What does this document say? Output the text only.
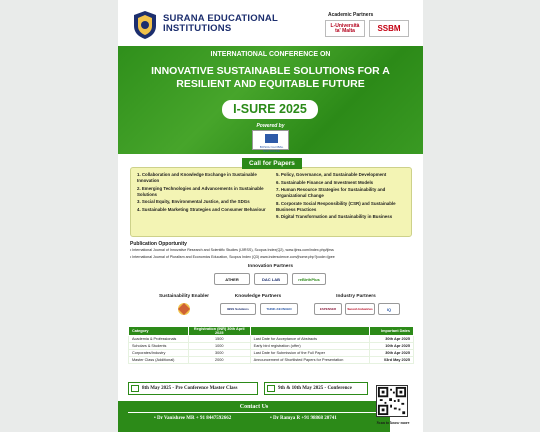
SURANA EDUCATIONAL
INSTITUTIONS
Academic Partners
L-Università
ta' Malta	SSBM
INTERNATIONAL CONFERENCE ON
INNOVATIVE SUSTAINABLE SOLUTIONS FOR A
RESILIENT AND EQUITABLE FUTURE
I-SURE 2025
Powered by
BOSCH GLOBAL SOFTWARE
1. Collaboration and Knowledge Exchange in Sustainable Innovation
2. Emerging Technologies and Advancements in Sustainable Solutions
3. Social Equity, Environmental Justice, and the SDGs
4. Sustainable Marketing Strategies and Consumer Behaviour
5. Policy, Governance, and Sustainable Development
6. Sustainable Finance and Investment Models
7. Human Resource Strategies for Sustainability and Organizational Change
8. Corporate Social Responsibility (CSR) and Sustainable Business Practices
9. Digital Transformation and Sustainability in Business
Call for Papers
Publication Opportunity
• International Journal of Innovative Research and Scientific Studies (IJIRSS), Scopus Index(Q2), www.ijirss.com/index.php/ijirss
• International Journal of Pluralism and Economics Education, Scopus Index (Q3) www.inderscience.com/jhome.php?jcode=ijpee
Innovation Partners
ATHER	DAC LAB	reBirthPlus
Sustainability Enabler	Knowledge Partners
IBSS Solutions	THINK-KEUNGEN
Industry Partners
ESPENSER	Suresh Industries	IQ
Category	Registration (INR) 30th April 2025		Important Dates
Academia & Professionals	1500	Last Date for Acceptance of Abstracts	30th Apr 2025
Scholars & Students	1000	Early bird registration (offer)	10th Apr 2025
Corporates/Industry	3000	Last Date for Submission of the Full Paper	30th Apr 2025
Master Class (Additional)	2000	Announcement of Shortlisted Papers for Presentation	03rd May 2025
8th May 2025 - Pre Conference Master Class	9th & 10th May 2025 - Conference
Contact Us
• Dr Vanishree MR + 91 8447592662	• Dr Ramya R +91 98868 20741
Scan to know more
